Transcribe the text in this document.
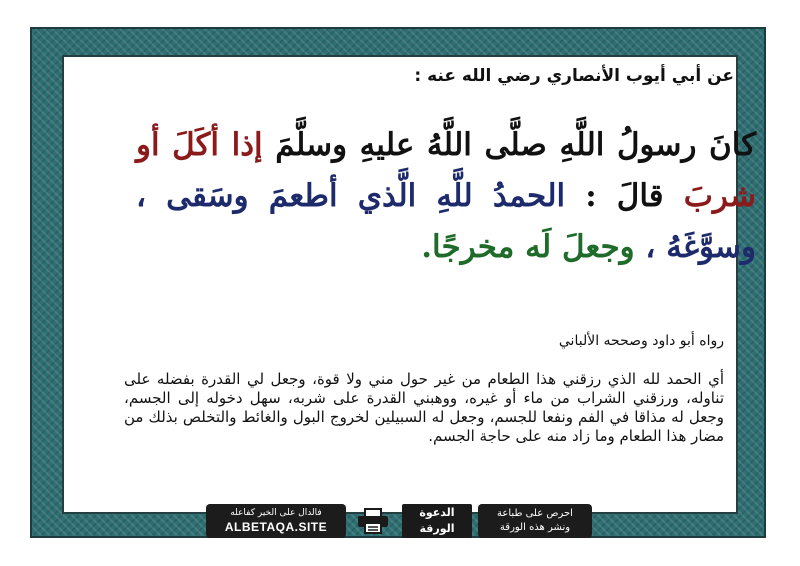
عن أبي أيوب الأنصاري رضي الله عنه :
كانَ رسولُ اللَّهِ صلَّى اللَّهُ عليهِ وسلَّمَ إذا أكَلَ أو شربَ قالَ : الحمدُ للَّهِ الَّذي أطعمَ وسَقى ، وسوَّغَهُ ، وجعلَ لَه مخرجًا.
رواه أبو داود وصححه الألباني
أي الحمد لله الذي رزقني هذا الطعام من غير حول مني ولا قوة، وجعل لي القدرة بفضله على تناوله، ورزقني الشراب من ماء أو غيره، ووهبني القدرة على شربه، سهل دخوله إلى الجسم، وجعل له مذاقا في الفم ونفعا للجسم، وجعل له السبيلين لخروج البول والغائط والتخلص بذلك من مضار هذا الطعام وما زاد منه على حاجة الجسم.
فالدال على الخير كفاعله
ALBETAQA.SITE
الدعوة
الورقة
احرص على طباعة
ونشر هذه الورقة
